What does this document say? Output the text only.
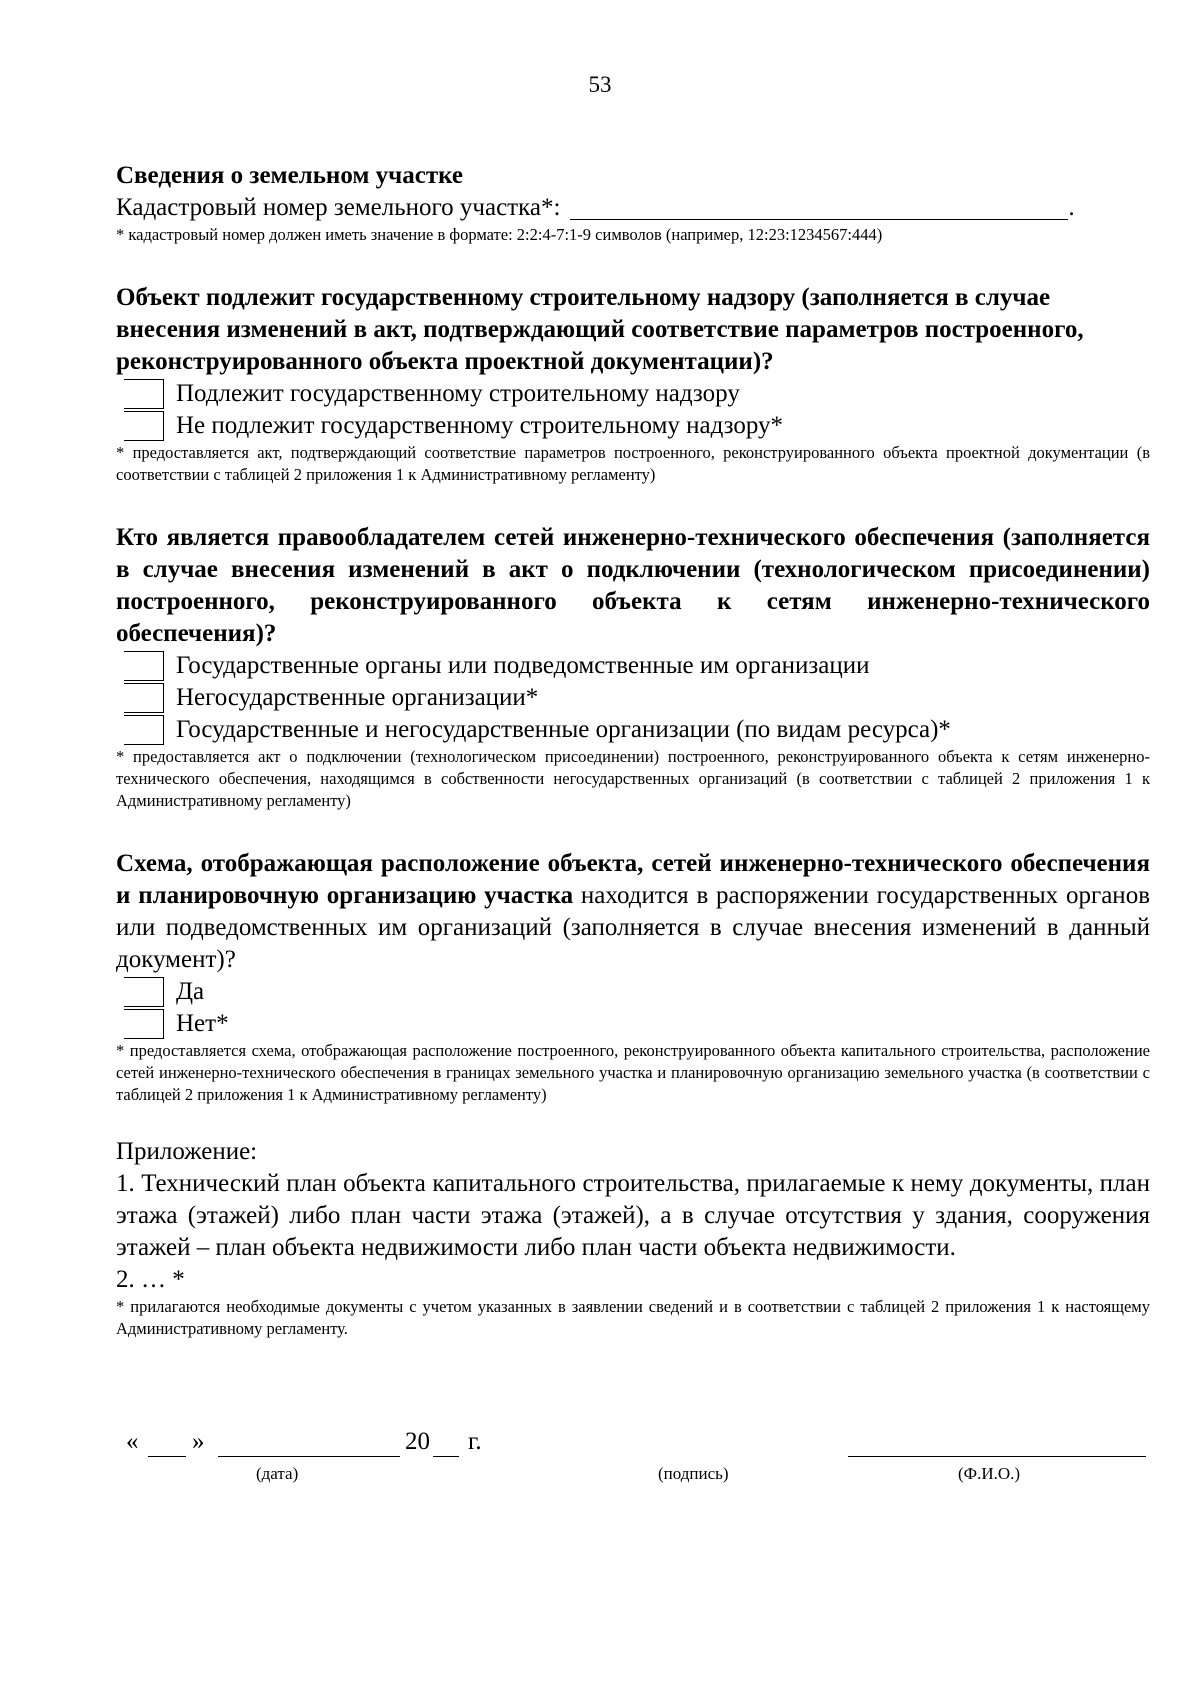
53

Сведения о земельном участке

Кадастровый номер земельного участка*:	.

* кадастровый номер должен иметь значение в формате: 2:2:4-7:1-9 символов (например, 12:23:1234567:444)

Объект подлежит государственному строительному надзору (заполняется в случае внесения изменений в акт, подтверждающий соответствие параметров построенного, реконструированного объекта проектной документации)?

Подлежит государственному строительному надзору
Не подлежит государственному строительному надзору*

* предоставляется акт, подтверждающий соответствие параметров построенного, реконструированного объекта проектной документации (в соответствии с таблицей 2 приложения 1 к Административному регламенту)

Кто является правообладателем сетей инженерно-технического обеспечения (заполняется в случае внесения изменений в акт о подключении (технологическом присоединении) построенного, реконструированного объекта к сетям инженерно-технического обеспечения)?

Государственные органы или подведомственные им организации
Негосударственные организации*
Государственные и негосударственные организации (по видам ресурса)*

* предоставляется акт о подключении (технологическом присоединении) построенного, реконструированного объекта к сетям инженерно-технического обеспечения, находящимся в собственности негосударственных организаций (в соответствии с таблицей 2 приложения 1 к Административному регламенту)

Схема, отображающая расположение объекта, сетей инженерно-технического обеспечения и планировочную организацию участка находится в распоряжении государственных органов или подведомственных им организаций (заполняется в случае внесения изменений в данный документ)?

Да
Нет*

* предоставляется схема, отображающая расположение построенного, реконструированного объекта капитального строительства, расположение сетей инженерно-технического обеспечения в границах земельного участка и планировочную организацию земельного участка (в соответствии с таблицей 2 приложения 1 к Административному регламенту)

Приложение:

1. Технический план объекта капитального строительства, прилагаемые к нему документы, план этажа (этажей) либо план части этажа (этажей), а в случае отсутствия у здания, сооружения этажей – план объекта недвижимости либо план части объекта недвижимости.

2. … *

* прилагаются необходимые документы с учетом указанных в заявлении сведений и в соответствии с таблицей 2 приложения 1 к настоящему Административному регламенту.

« »	20 г.
(дата)	(подпись)	(Ф.И.О.)
